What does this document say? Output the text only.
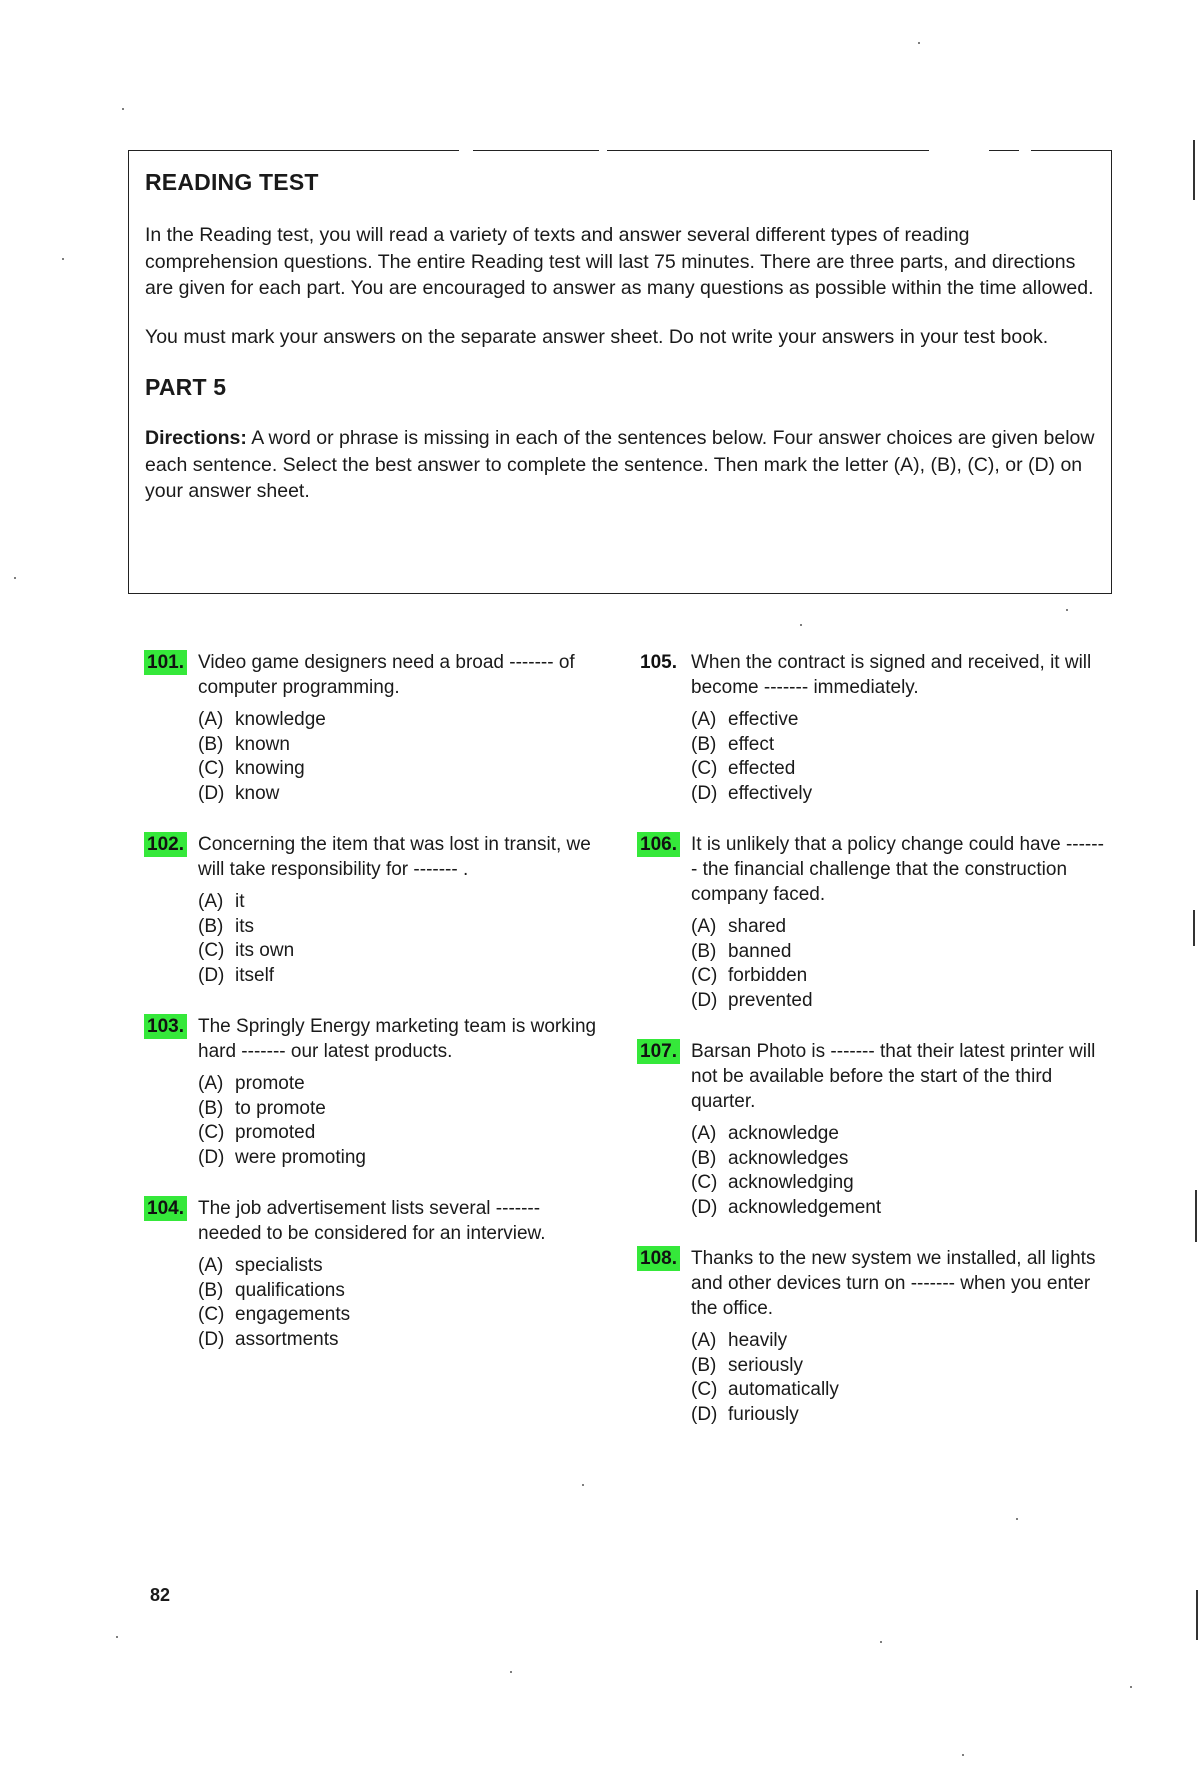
READING TEST

In the Reading test, you will read a variety of texts and answer several different types of reading comprehension questions. The entire Reading test will last 75 minutes. There are three parts, and directions are given for each part. You are encouraged to answer as many questions as possible within the time allowed.

You must mark your answers on the separate answer sheet. Do not write your answers in your test book.

PART 5

Directions: A word or phrase is missing in each of the sentences below. Four answer choices are given below each sentence. Select the best answer to complete the sentence. Then mark the letter (A), (B), (C), or (D) on your answer sheet.

101. Video game designers need a broad ------- of computer programming.
(A) knowledge
(B) known
(C) knowing
(D) know
102. Concerning the item that was lost in transit, we will take responsibility for ------- .
(A) it
(B) its
(C) its own
(D) itself
103. The Springly Energy marketing team is working hard ------- our latest products.
(A) promote
(B) to promote
(C) promoted
(D) were promoting
104. The job advertisement lists several ------- needed to be considered for an interview.
(A) specialists
(B) qualifications
(C) engagements
(D) assortments
105. When the contract is signed and received, it will become ------- immediately.
(A) effective
(B) effect
(C) effected
(D) effectively
106. It is unlikely that a policy change could have ------- the financial challenge that the construction company faced.
(A) shared
(B) banned
(C) forbidden
(D) prevented
107. Barsan Photo is ------- that their latest printer will not be available before the start of the third quarter.
(A) acknowledge
(B) acknowledges
(C) acknowledging
(D) acknowledgement
108. Thanks to the new system we installed, all lights and other devices turn on ------- when you enter the office.
(A) heavily
(B) seriously
(C) automatically
(D) furiously
82
